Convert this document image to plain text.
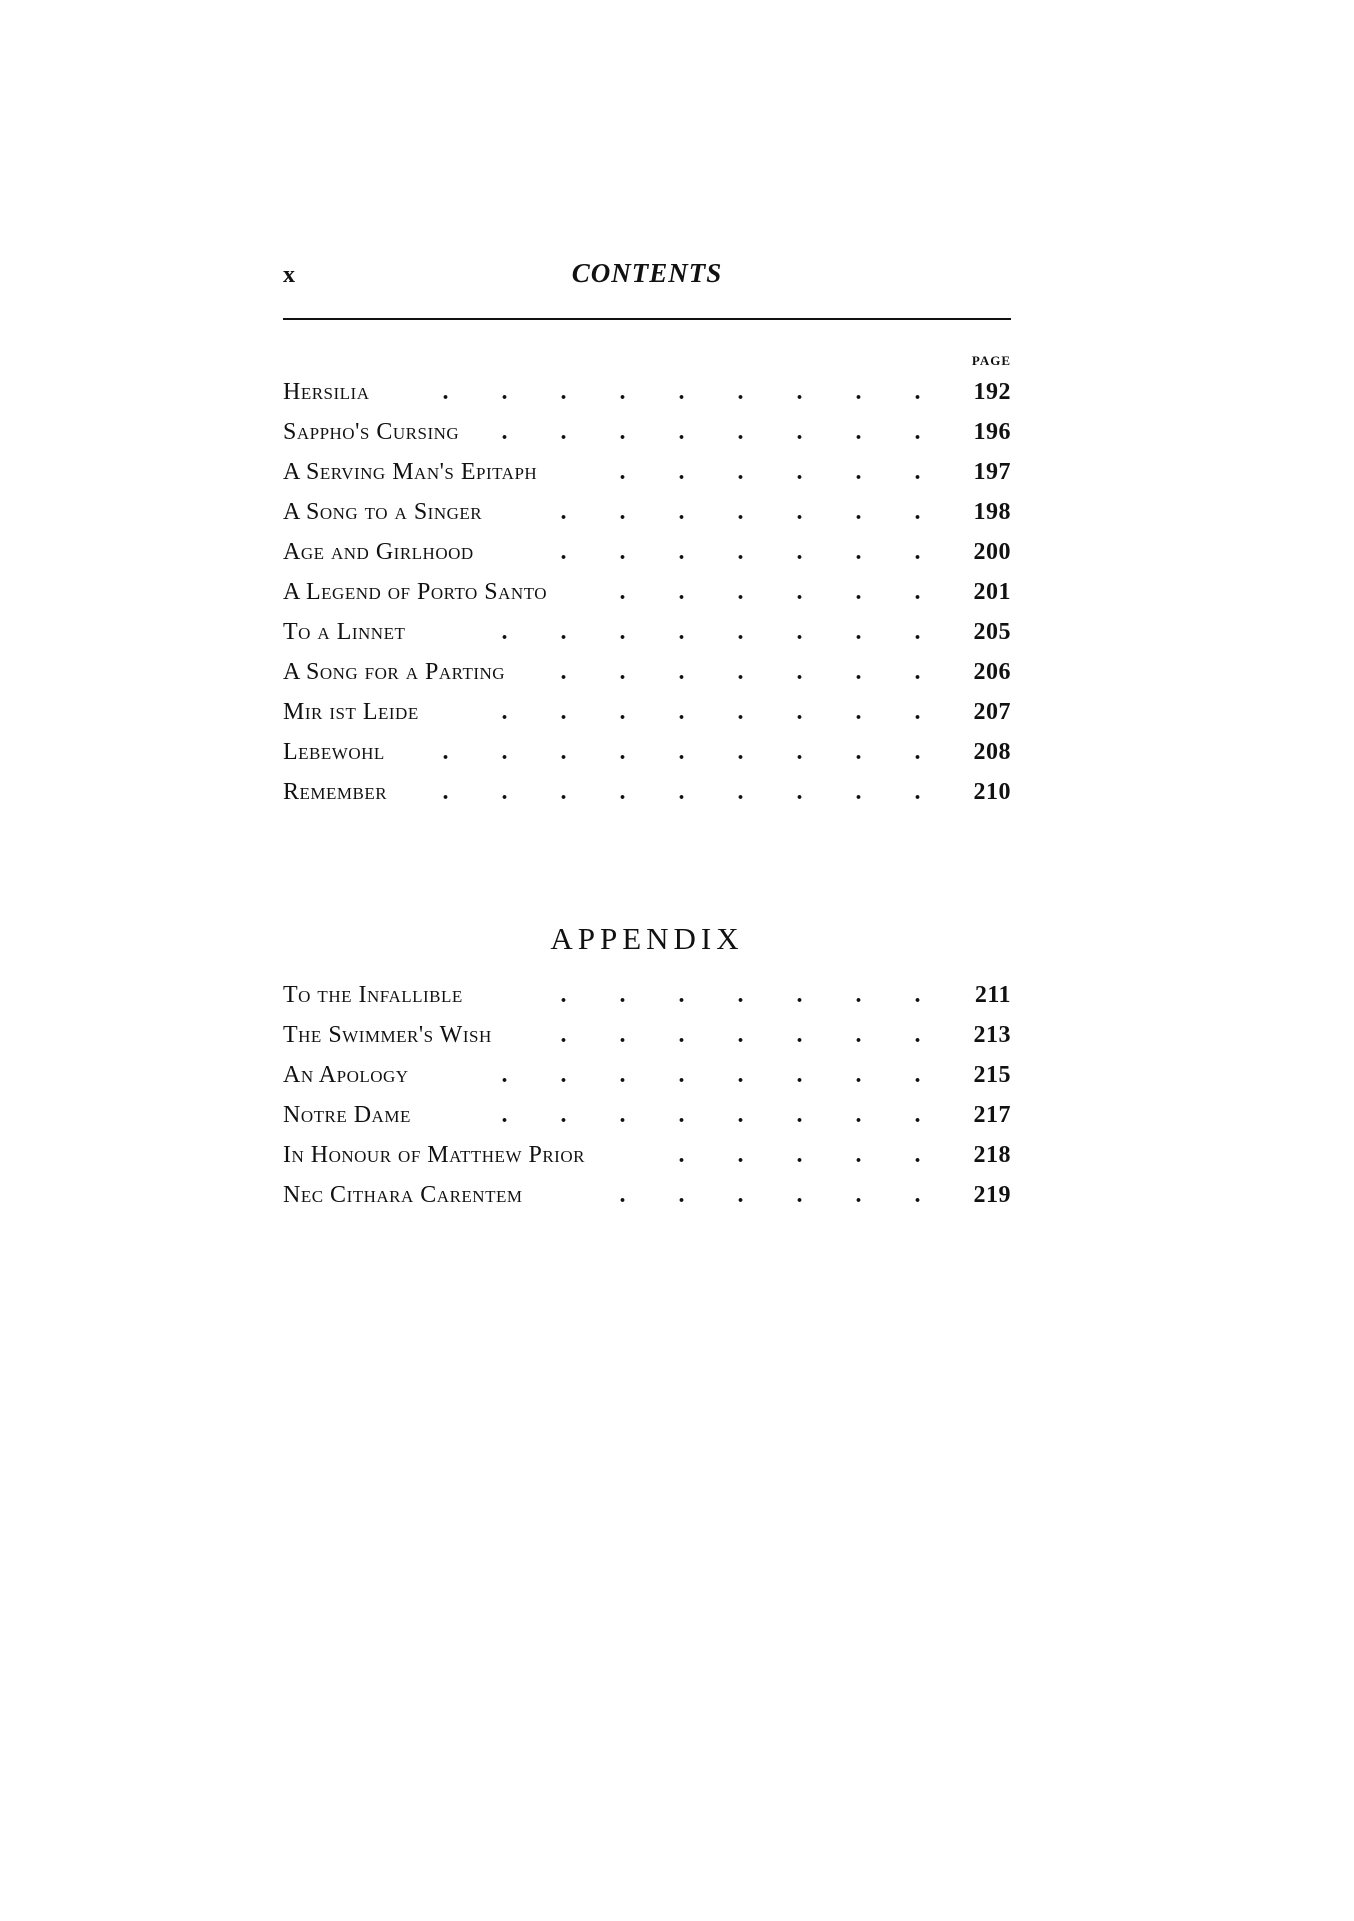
x	CONTENTS
PAGE
Hersilia	. . . . . . . . .	192
Sappho's Cursing	. . . . . . . .	196
A Serving Man's Epitaph	. . . . . .	197
A Song to a Singer	. . . . . . .	198
Age and Girlhood	. . . . . . .	200
A Legend of Porto Santo	. . . . . .	201
To a Linnet	. . . . . . . .	205
A Song for a Parting	. . . . . . .	206
Mir ist Leide	. . . . . . . .	207
Lebewohl	. . . . . . . . .	208
Remember	. . . . . . . . .	210
APPENDIX
To the Infallible	. . . . . . .	211
The Swimmer's Wish	. . . . . . .	213
An Apology	. . . . . . . .	215
Notre Dame	. . . . . . . .	217
In Honour of Matthew Prior	. . . . .	218
Nec Cithara Carentem	. . . . . .	219
